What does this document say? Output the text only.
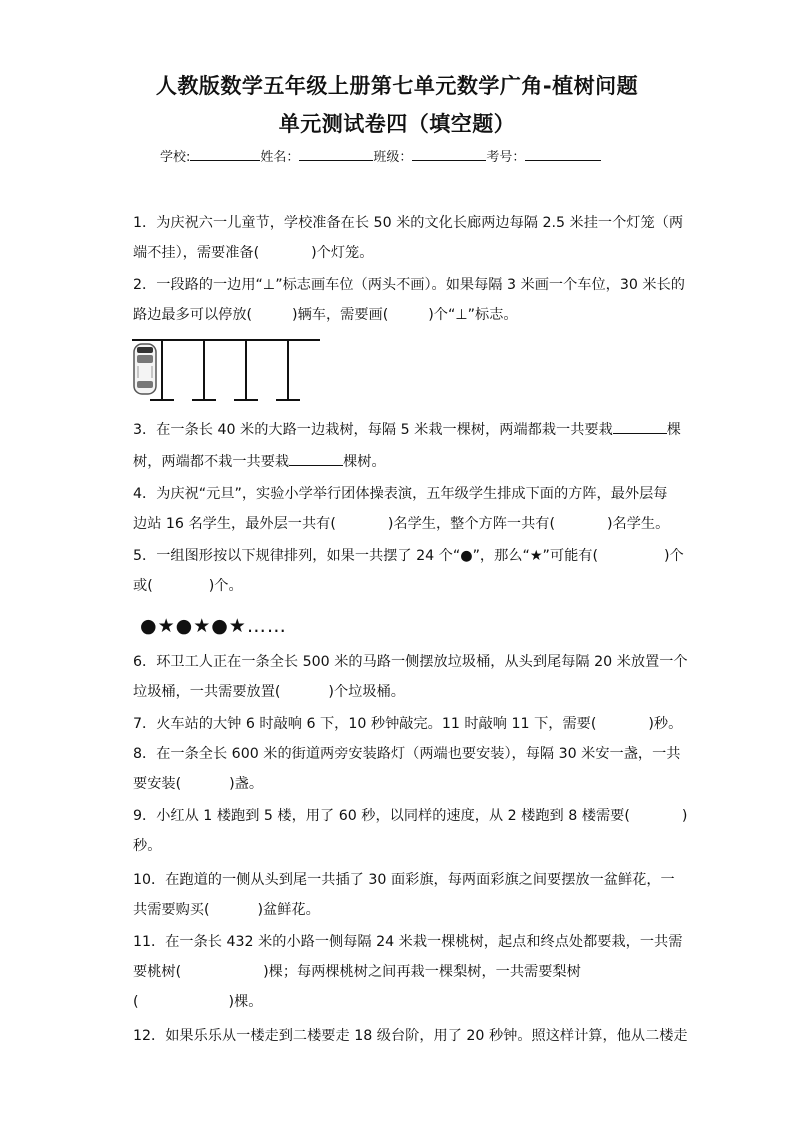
人教版数学五年级上册第七单元数学广角-植树问题
单元测试卷四（填空题）
学校:	姓名：	班级：	考号：
1．为庆祝六一儿童节，学校准备在长 50 米的文化长廊两边每隔 2.5 米挂一个灯笼（两
端不挂），需要准备(	)个灯笼。
2．一段路的一边用“⊥”标志画车位（两头不画）。如果每隔 3 米画一个车位，30 米长的
路边最多可以停放(	)辆车，需要画(	)个“⊥”标志。
3．在一条长 40 米的大路一边栽树，每隔 5 米栽一棵树，两端都栽一共要栽	棵
树，两端都不栽一共要栽	棵树。
4．为庆祝“元旦”，实验小学举行团体操表演，五年级学生排成下面的方阵，最外层每
边站 16 名学生，最外层一共有(	)名学生，整个方阵一共有(	)名学生。
5．一组图形按以下规律排列，如果一共摆了 24 个“●”，那么“★”可能有(	)个
或(	)个。
●★●★●★……
6．环卫工人正在一条全长 500 米的马路一侧摆放垃圾桶，从头到尾每隔 20 米放置一个
垃圾桶，一共需要放置(	)个垃圾桶。
7．火车站的大钟 6 时敲响 6 下，10 秒钟敲完。11 时敲响 11 下，需要(	)秒。
8．在一条全长 600 米的街道两旁安装路灯（两端也要安装），每隔 30 米安一盏，一共
要安装(	)盏。
9．小红从 1 楼跑到 5 楼，用了 60 秒，以同样的速度，从 2 楼跑到 8 楼需要(	)
秒。
10．在跑道的一侧从头到尾一共插了 30 面彩旗，每两面彩旗之间要摆放一盆鲜花，一
共需要购买(	)盆鲜花。
11．在一条长 432 米的小路一侧每隔 24 米栽一棵桃树，起点和终点处都要栽，一共需
要桃树(	)棵；每两棵桃树之间再栽一棵梨树，一共需要梨树
(	)棵。
12．如果乐乐从一楼走到二楼要走 18 级台阶，用了 20 秒钟。照这样计算，他从二楼走
